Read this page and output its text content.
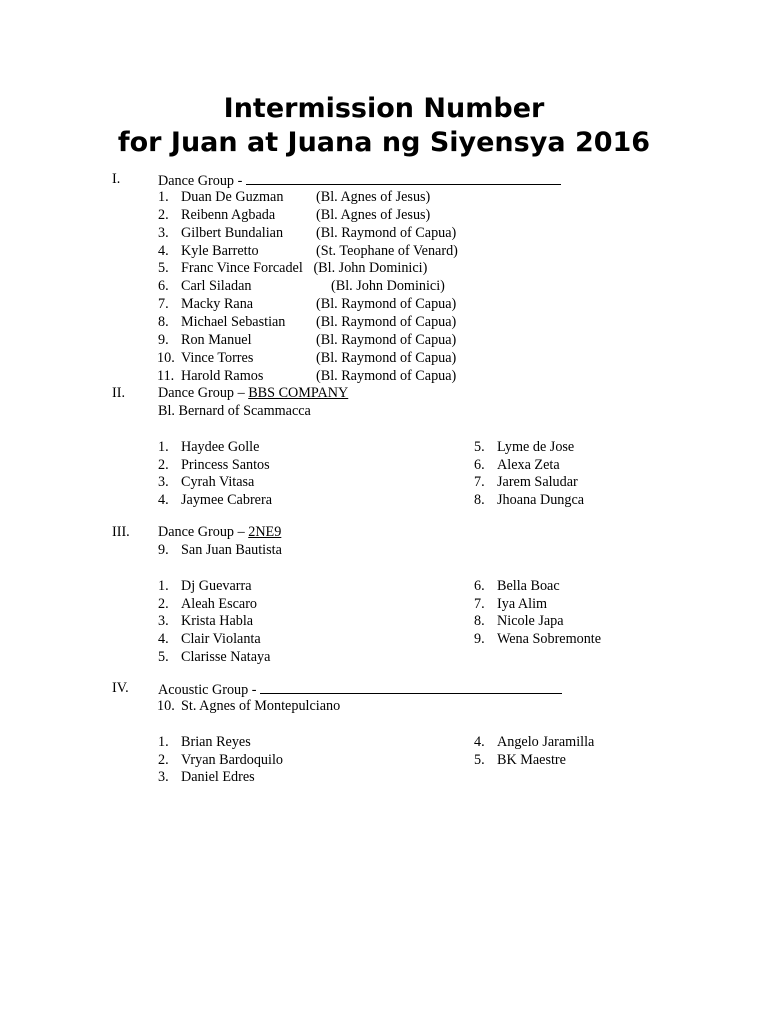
Intermission Number
for Juan at Juana ng Siyensya 2016
I.	Dance Group -
1. Duan De Guzman (Bl. Agnes of Jesus)
2. Reibenn Agbada	(Bl. Agnes of Jesus)
3. Gilbert Bundalian (Bl. Raymond of Capua)
4. Kyle Barretto	(St. Teophane of Venard)
5. Franc Vince Forcadel (Bl. John Dominici)
6. Carl Siladan	(Bl. John Dominici)
7. Macky Rana	(Bl. Raymond of Capua)
8. Michael Sebastian (Bl. Raymond of Capua)
9. Ron Manuel	(Bl. Raymond of Capua)
10. Vince Torres	(Bl. Raymond of Capua)
11. Harold Ramos	(Bl. Raymond of Capua)
II. Dance Group – BBS COMPANY
Bl. Bernard of Scammacca
1. Haydee Golle	5. Lyme de Jose
2. Princess Santos	6. Alexa Zeta
3. Cyrah Vitasa	7. Jarem Saludar
4. Jaymee Cabrera	8. Jhoana Dungca
III. Dance Group – 2NE9
9. San Juan Bautista
1. Dj Guevarra	6. Bella Boac
2. Aleah Escaro	7. Iya Alim
3. Krista Habla	8. Nicole Japa
4. Clair Violanta	9. Wena Sobremonte
5. Clarisse Nataya
IV. Acoustic Group -
10. St. Agnes of Montepulciano
1. Brian Reyes	4. Angelo Jaramilla
2. Vryan Bardoquilo	5. BK Maestre
3. Daniel Edres
